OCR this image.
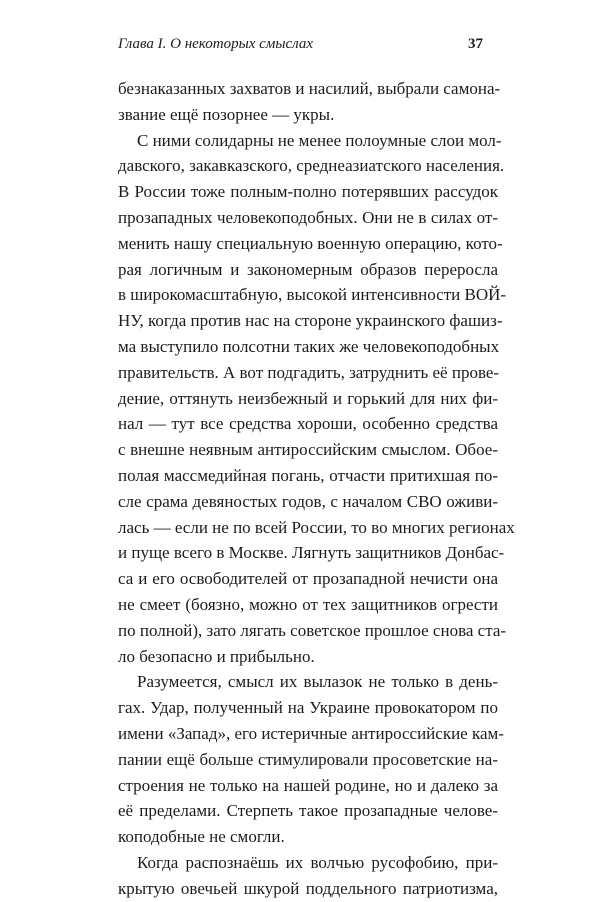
Глава I. О некоторых смыслах	37
безнаказанных захватов и насилий, выбрали самона-
звание ещё позорнее — укры.
С ними солидарны не менее полоумные слои мол-
давского, закавказского, среднеазиатского населения.
В России тоже полным-полно потерявших рассудок
прозападных человекоподобных. Они не в силах от-
менить нашу специальную военную операцию, кото-
рая логичным и закономерным образов переросла
в широкомасштабную, высокой интенсивности ВОЙ-
НУ, когда против нас на стороне украинского фашиз-
ма выступило полсотни таких же человекоподобных
правительств. А вот подгадить, затруднить её прове-
дение, оттянуть неизбежный и горький для них фи-
нал — тут все средства хороши, особенно средства
с внешне неявным антироссийским смыслом. Обое-
полая массмедийная погань, отчасти притихшая по-
сле срама девяностых годов, с началом СВО оживи-
лась — если не по всей России, то во многих регионах
и пуще всего в Москве. Лягнуть защитников Донбас-
са и его освободителей от прозападной нечисти она
не смеет (боязно, можно от тех защитников огрести
по полной), зато лягать советское прошлое снова ста-
ло безопасно и прибыльно.
Разумеется, смысл их вылазок не только в день-
гах. Удар, полученный на Украине провокатором по
имени «Запад», его истеричные антироссийские кам-
пании ещё больше стимулировали просоветские на-
строения не только на нашей родине, но и далеко за
её пределами. Стерпеть такое прозападные челове-
коподобные не смогли.
Когда распознаёшь их волчью русофобию, при-
крытую овечьей шкурой поддельного патриотизма,
